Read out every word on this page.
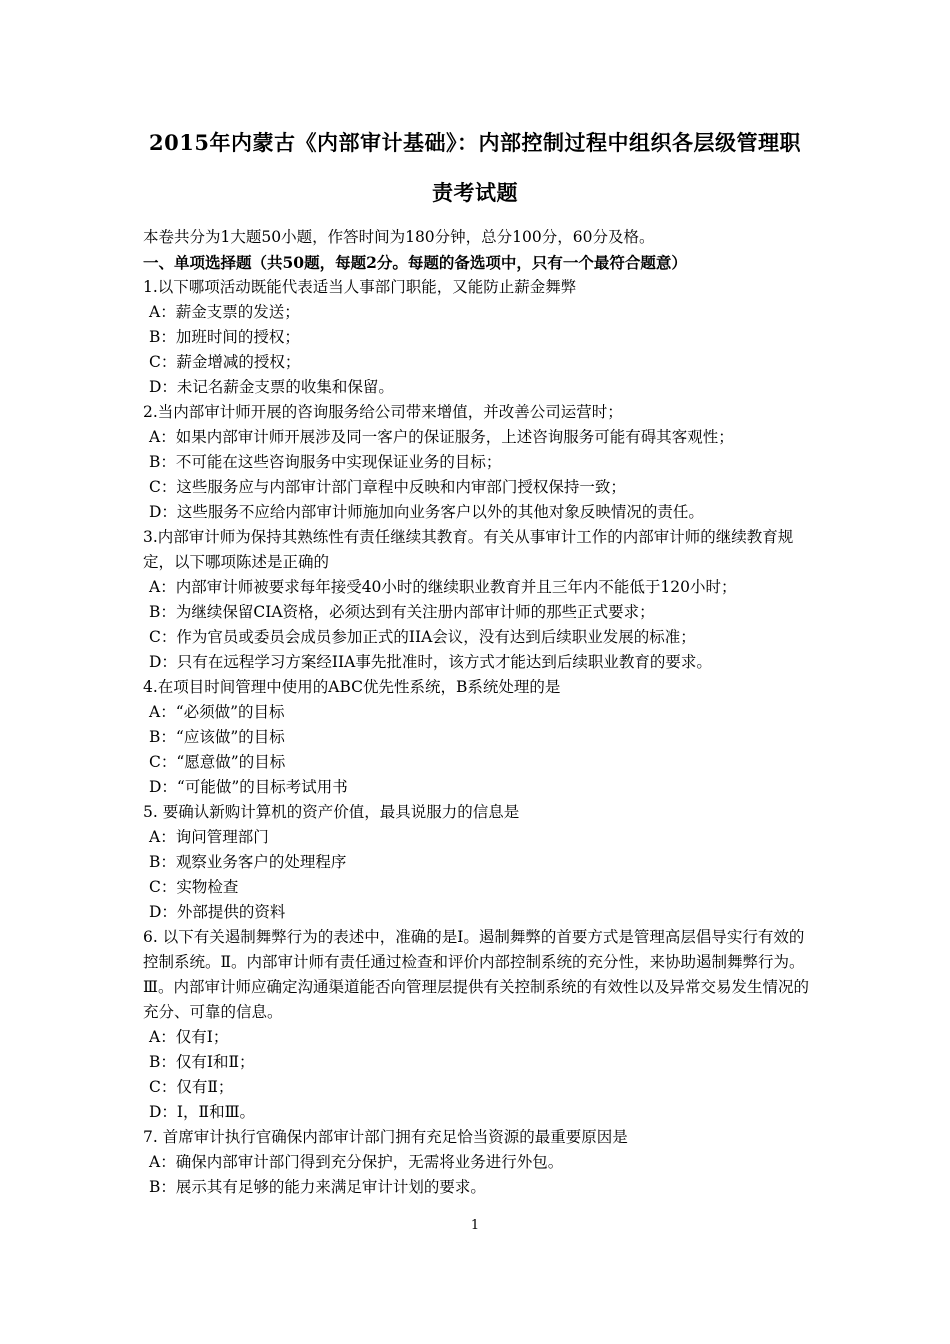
2015年内蒙古《内部审计基础》：内部控制过程中组织各层级管理职
责考试题
本卷共分为1大题50小题，作答时间为180分钟，总分100分，60分及格。
一、单项选择题（共50题，每题2分。每题的备选项中，只有一个最符合题意）
1.以下哪项活动既能代表适当人事部门职能，又能防止薪金舞弊
A：薪金支票的发送；
B：加班时间的授权；
C：薪金增减的授权；
D：未记名薪金支票的收集和保留。
2.当内部审计师开展的咨询服务给公司带来增值，并改善公司运营时；
A：如果内部审计师开展涉及同一客户的保证服务，上述咨询服务可能有碍其客观性；
B：不可能在这些咨询服务中实现保证业务的目标；
C：这些服务应与内部审计部门章程中反映和内审部门授权保持一致；
D：这些服务不应给内部审计师施加向业务客户以外的其他对象反映情况的责任。
3.内部审计师为保持其熟练性有责任继续其教育。有关从事审计工作的内部审计师的继续教育规定，以下哪项陈述是正确的
A：内部审计师被要求每年接受40小时的继续职业教育并且三年内不能低于120小时；
B：为继续保留CIA资格，必须达到有关注册内部审计师的那些正式要求；
C：作为官员或委员会成员参加正式的IIA会议，没有达到后续职业发展的标准；
D：只有在远程学习方案经IIA事先批准时，该方式才能达到后续职业教育的要求。
4.在项目时间管理中使用的ABC优先性系统，B系统处理的是
A：“必须做”的目标
B：“应该做”的目标
C：“愿意做”的目标
D：“可能做”的目标考试用书
5. 要确认新购计算机的资产价值，最具说服力的信息是
A：询问管理部门
B：观察业务客户的处理程序
C：实物检查
D：外部提供的资料
6. 以下有关遏制舞弊行为的表述中，准确的是Ⅰ。遏制舞弊的首要方式是管理高层倡导实行有效的控制系统。Ⅱ。内部审计师有责任通过检查和评价内部控制系统的充分性，来协助遏制舞弊行为。Ⅲ。内部审计师应确定沟通渠道能否向管理层提供有关控制系统的有效性以及异常交易发生情况的充分、可靠的信息。
A：仅有Ⅰ；
B：仅有Ⅰ和Ⅱ；
C：仅有Ⅱ；
D：Ⅰ，Ⅱ和Ⅲ。
7. 首席审计执行官确保内部审计部门拥有充足恰当资源的最重要原因是
A：确保内部审计部门得到充分保护，无需将业务进行外包。
B：展示其有足够的能力来满足审计计划的要求。
1
